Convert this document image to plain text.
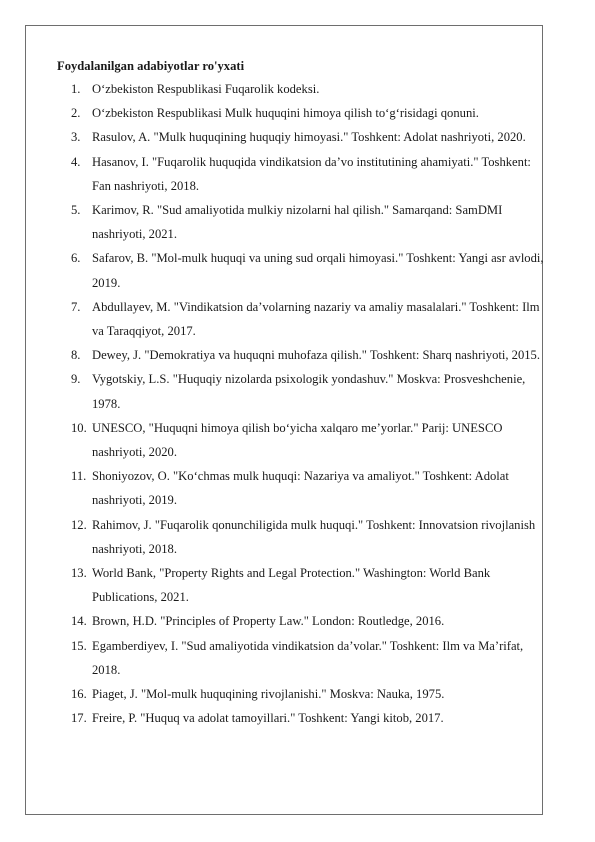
Foydalanilgan adabiyotlar ro'yxati
1. O‘zbekiston Respublikasi Fuqarolik kodeksi.
2. O‘zbekiston Respublikasi Mulk huquqini himoya qilish to‘g‘risidagi qonuni.
3. Rasulov, A. "Mulk huquqining huquqiy himoyasi." Toshkent: Adolat nashriyoti, 2020.
4. Hasanov, I. "Fuqarolik huquqida vindikatsion da’vo institutining ahamiyati." Toshkent: Fan nashriyoti, 2018.
5. Karimov, R. "Sud amaliyotida mulkiy nizolarni hal qilish." Samarqand: SamDMI nashriyoti, 2021.
6. Safarov, B. "Mol-mulk huquqi va uning sud orqali himoyasi." Toshkent: Yangi asr avlodi, 2019.
7. Abdullayev, M. "Vindikatsion da’volarning nazariy va amaliy masalalari." Toshkent: Ilm va Taraqqiyot, 2017.
8. Dewey, J. "Demokratiya va huquqni muhofaza qilish." Toshkent: Sharq nashriyoti, 2015.
9. Vygotskiy, L.S. "Huquqiy nizolarda psixologik yondashuv." Moskva: Prosveshchenie, 1978.
10. UNESCO, "Huquqni himoya qilish bo‘yicha xalqaro me’yorlar." Parij: UNESCO nashriyoti, 2020.
11. Shoniyozov, O. "Ko‘chmas mulk huquqi: Nazariya va amaliyot." Toshkent: Adolat nashriyoti, 2019.
12. Rahimov, J. "Fuqarolik qonunchiligida mulk huquqi." Toshkent: Innovatsion rivojlanish nashriyoti, 2018.
13. World Bank, "Property Rights and Legal Protection." Washington: World Bank Publications, 2021.
14. Brown, H.D. "Principles of Property Law." London: Routledge, 2016.
15. Egamberdiyev, I. "Sud amaliyotida vindikatsion da’volar." Toshkent: Ilm va Ma’rifat, 2018.
16. Piaget, J. "Mol-mulk huquqining rivojlanishi." Moskva: Nauka, 1975.
17. Freire, P. "Huquq va adolat tamoyillari." Toshkent: Yangi kitob, 2017.
